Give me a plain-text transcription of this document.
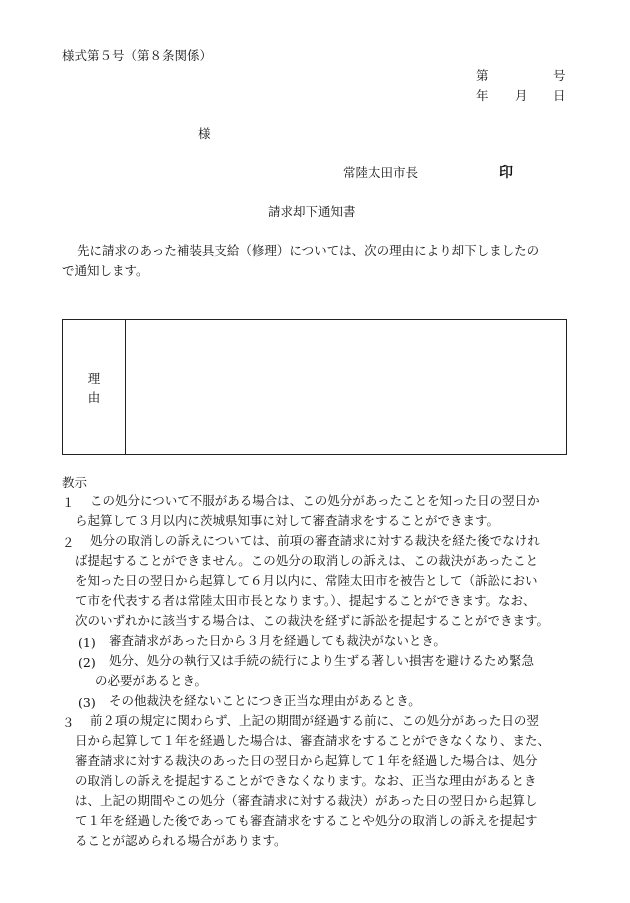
様式第５号（第８条関係）
第	号
年 月 日
様
常陸太田市長	印
請求却下通知書
先に請求のあった補装具支給（修理）については、次の理由により却下しましたの
で通知します。
理
由
教示
１	この処分について不服がある場合は、この処分があったことを知った日の翌日か
ら起算して３月以内に茨城県知事に対して審査請求をすることができます。
２	処分の取消しの訴えについては、前項の審査請求に対する裁決を経た後でなけれ
ば提起することができません。この処分の取消しの訴えは、この裁決があったこと
を知った日の翌日から起算して６月以内に、常陸太田市を被告として（訴訟におい
て市を代表する者は常陸太田市長となります。）、提起することができます。なお、
次のいずれかに該当する場合は、この裁決を経ずに訴訟を提起することができます。
(1) 審査請求があった日から３月を経過しても裁決がないとき。
(2) 処分、処分の執行又は手続の続行により生ずる著しい損害を避けるため緊急
の必要があるとき。
(3) その他裁決を経ないことにつき正当な理由があるとき。
３	前２項の規定に関わらず、上記の期間が経過する前に、この処分があった日の翌
日から起算して１年を経過した場合は、審査請求をすることができなくなり、また、
審査請求に対する裁決のあった日の翌日から起算して１年を経過した場合は、処分
の取消しの訴えを提起することができなくなります。なお、正当な理由があるとき
は、上記の期間やこの処分（審査請求に対する裁決）があった日の翌日から起算し
て１年を経過した後であっても審査請求をすることや処分の取消しの訴えを提起す
ることが認められる場合があります。
